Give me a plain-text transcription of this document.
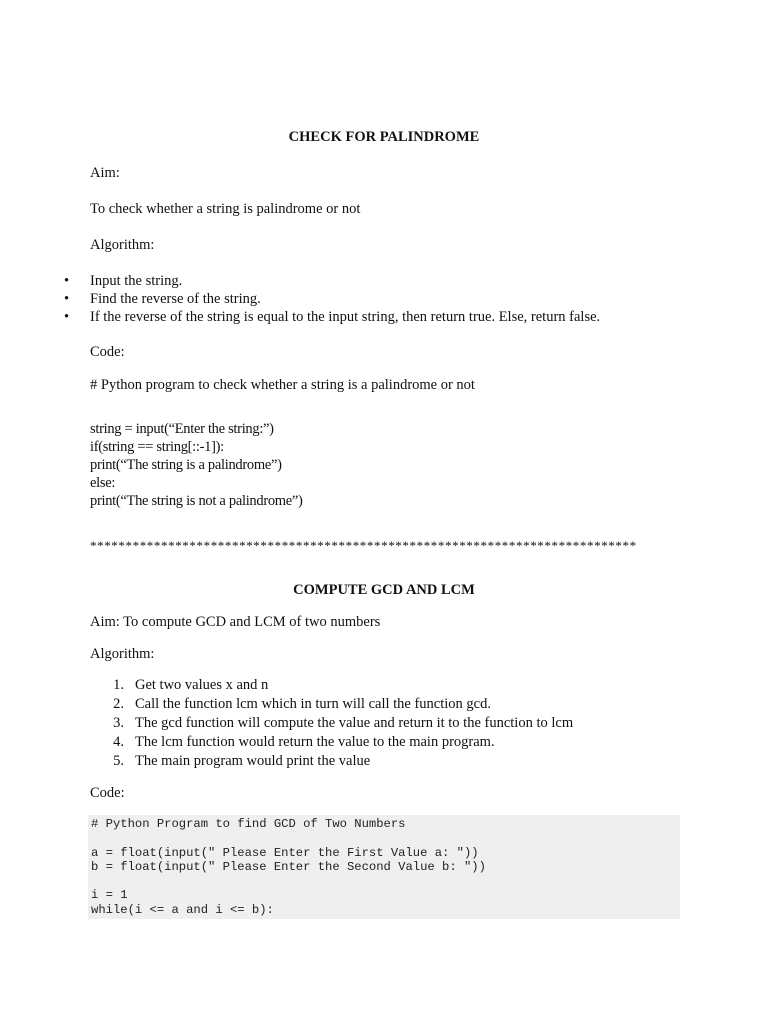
CHECK FOR PALINDROME
Aim:
To check whether a string is palindrome or not
Algorithm:
• Input the string.
• Find the reverse of the string.
• If the reverse of the string is equal to the input string, then return true. Else, return false.
Code:
# Python program to check whether a string is a palindrome or not
string = input(“Enter the string:”)
if(string == string[::-1]):
print(“The string is a palindrome”)
else:
print(“The string is not a palindrome”)
*****************************************************************************
COMPUTE GCD AND LCM
Aim: To compute GCD and LCM of two numbers
Algorithm:
1. Get two values x and n
2. Call the function lcm which in turn will call the function gcd.
3. The gcd function will compute the value and return it to the function to lcm
4. The lcm function would return the value to the main program.
5. The main program would print the value
Code:
# Python Program to find GCD of Two Numbers
a = float(input(" Please Enter the First Value a: "))
b = float(input(" Please Enter the Second Value b: "))
i = 1
while(i <= a and i <= b):
